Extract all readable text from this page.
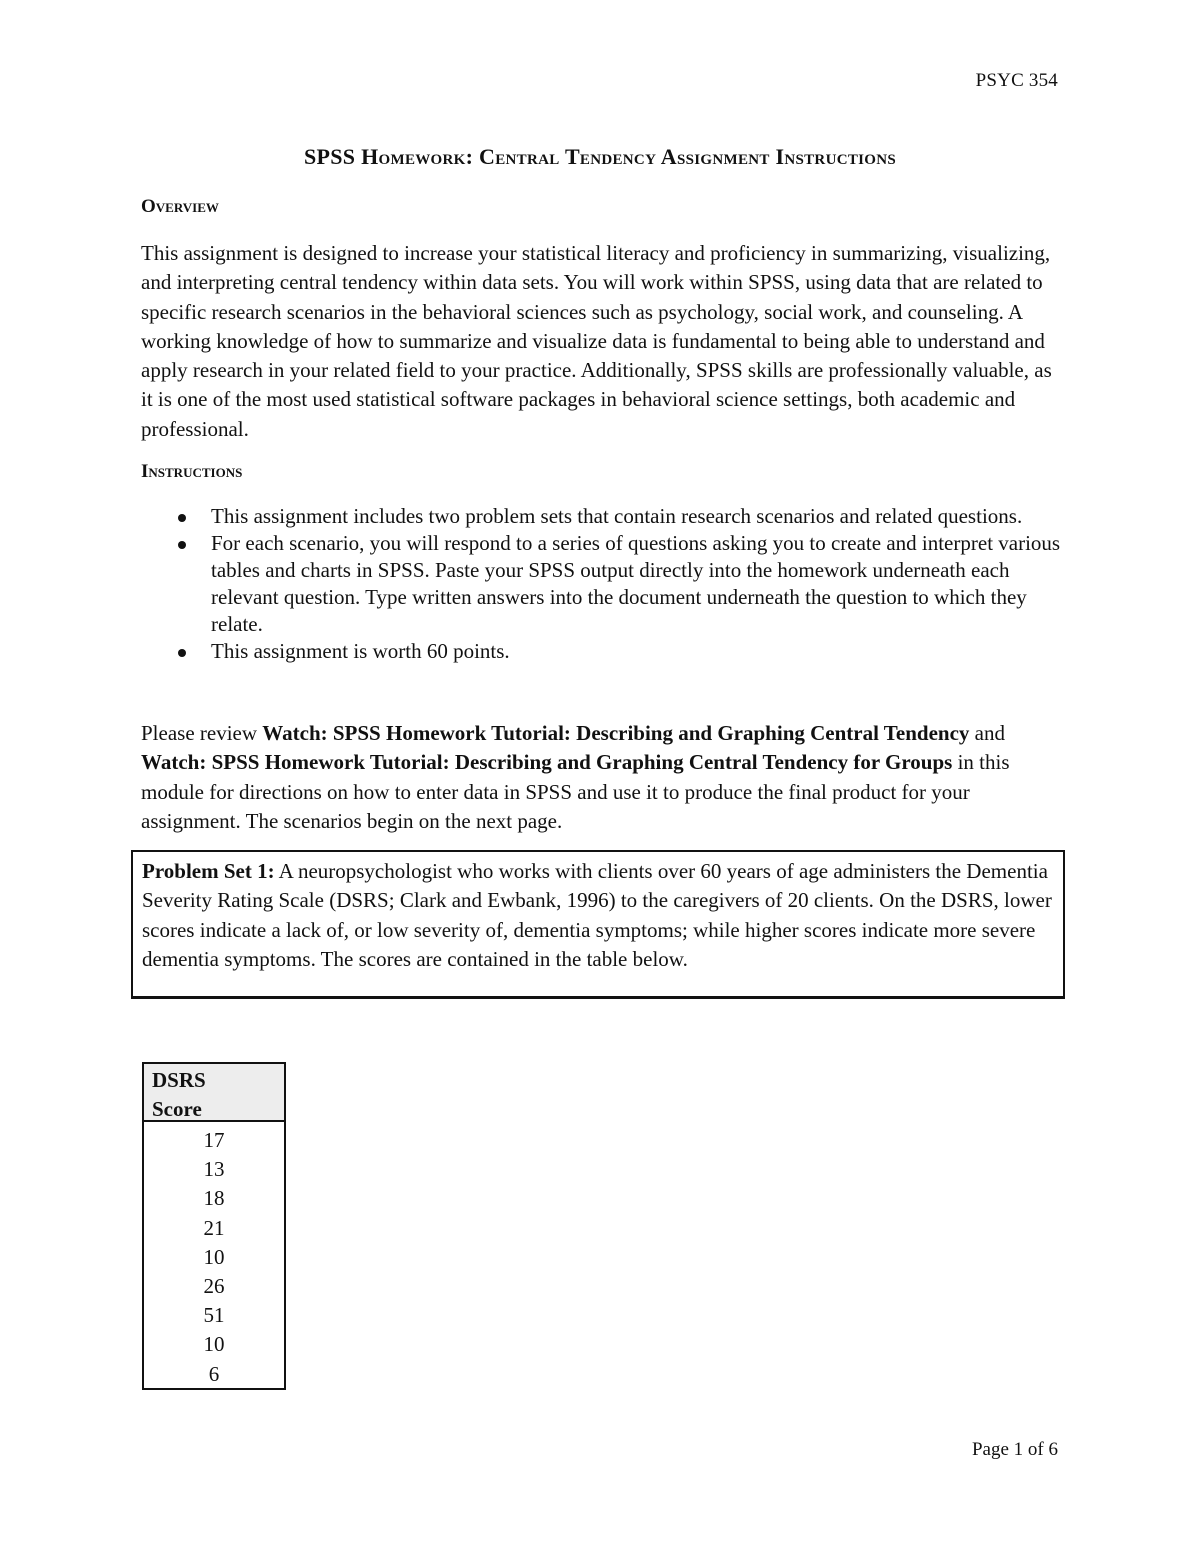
PSYC 354
SPSS Homework: Central Tendency Assignment Instructions
Overview

This assignment is designed to increase your statistical literacy and proficiency in summarizing, visualizing, and interpreting central tendency within data sets. You will work within SPSS, using data that are related to specific research scenarios in the behavioral sciences such as psychology, social work, and counseling. A working knowledge of how to summarize and visualize data is fundamental to being able to understand and apply research in your related field to your practice. Additionally, SPSS skills are professionally valuable, as it is one of the most used statistical software packages in behavioral science settings, both academic and professional.

Instructions
This assignment includes two problem sets that contain research scenarios and related questions.
For each scenario, you will respond to a series of questions asking you to create and interpret various tables and charts in SPSS. Paste your SPSS output directly into the homework underneath each relevant question. Type written answers into the document underneath the question to which they relate.
This assignment is worth 60 points.

Please review Watch: SPSS Homework Tutorial: Describing and Graphing Central Tendency and Watch: SPSS Homework Tutorial: Describing and Graphing Central Tendency for Groups in this module for directions on how to enter data in SPSS and use it to produce the final product for your assignment. The scenarios begin on the next page.

Problem Set 1: A neuropsychologist who works with clients over 60 years of age administers the Dementia Severity Rating Scale (DSRS; Clark and Ewbank, 1996) to the caregivers of 20 clients. On the DSRS, lower scores indicate a lack of, or low severity of, dementia symptoms; while higher scores indicate more severe dementia symptoms. The scores are contained in the table below.
DSRS
Score
17
13
18
21
10
26
51
10
6
Page 1 of 6
